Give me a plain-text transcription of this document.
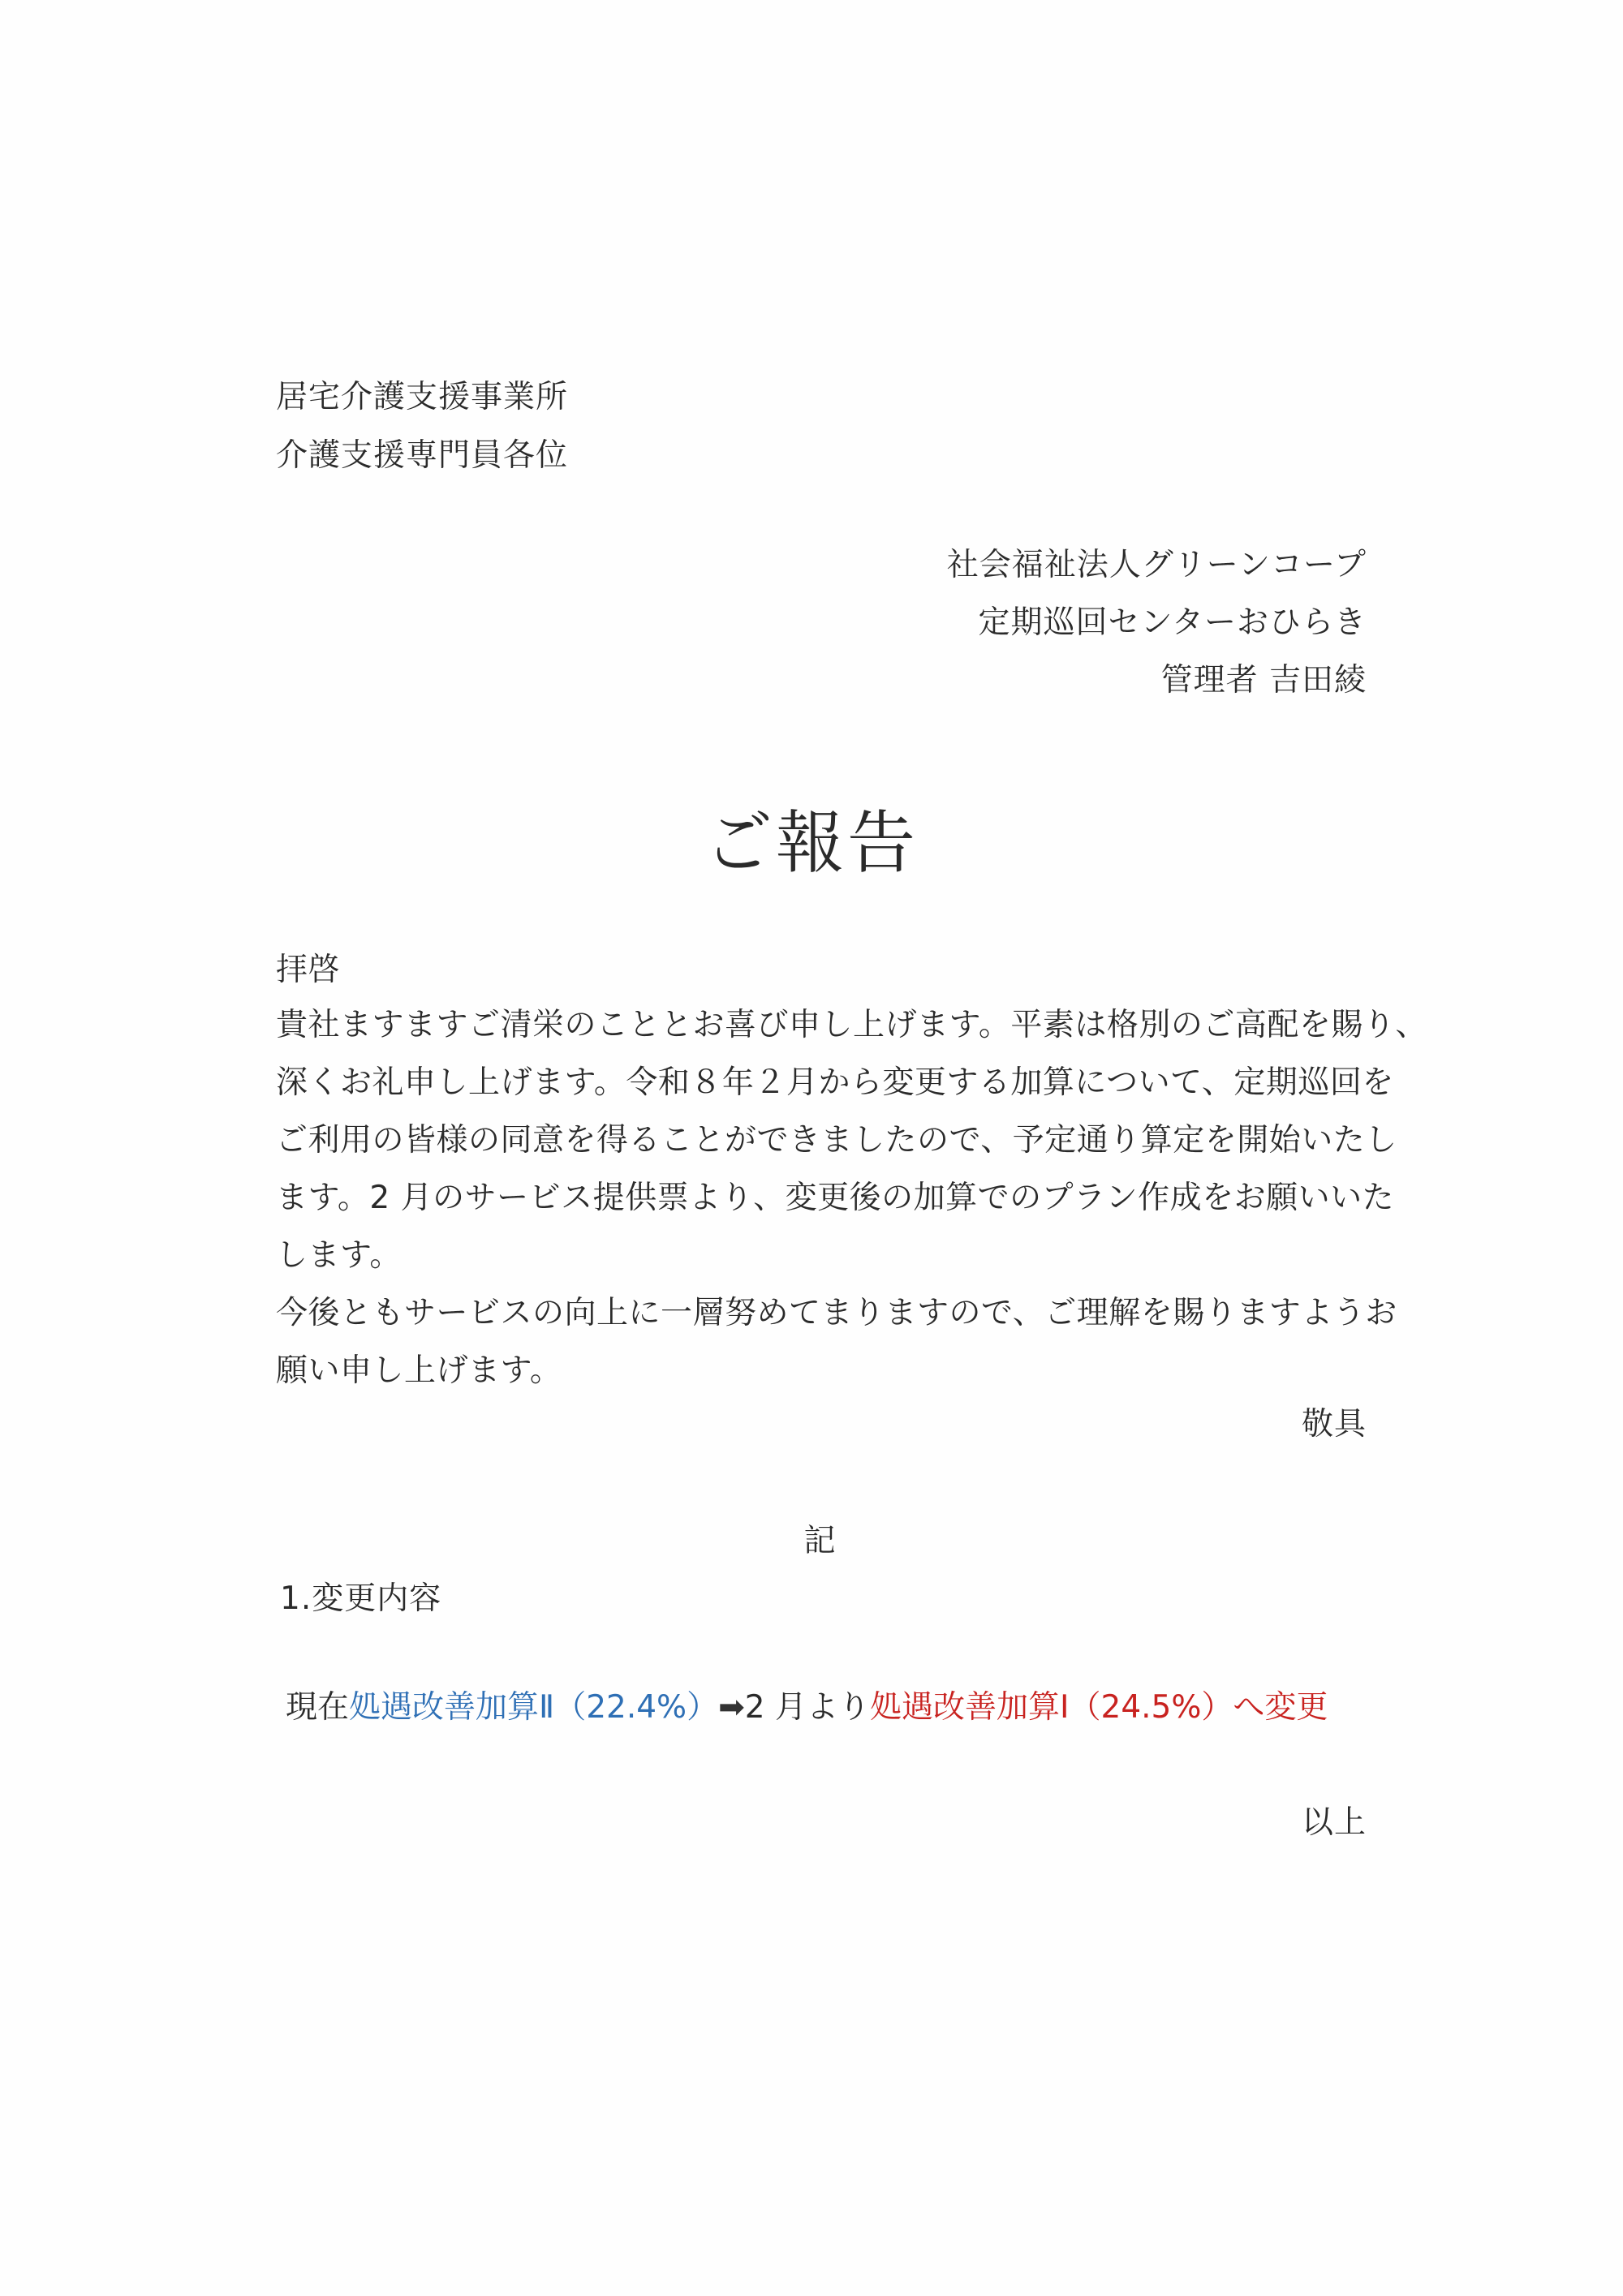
居宅介護支援事業所
介護支援専門員各位
社会福祉法人グリーンコープ
定期巡回センターおひらき
管理者 吉田綾
ご報告
拝啓
貴社ますますご清栄のこととお喜び申し上げます。平素は格別のご高配を賜り、
深くお礼申し上げます。令和８年２月から変更する加算について、定期巡回を
ご利用の皆様の同意を得ることができましたので、予定通り算定を開始いたし
ます。2 月のサービス提供票より、変更後の加算でのプラン作成をお願いいた
します。
今後ともサービスの向上に一層努めてまりますので、ご理解を賜りますようお
願い申し上げます。
敬具
記
1.変更内容
現在処遇改善加算Ⅱ（22.4%）➡2 月より処遇改善加算Ⅰ（24.5%）へ変更
以上
